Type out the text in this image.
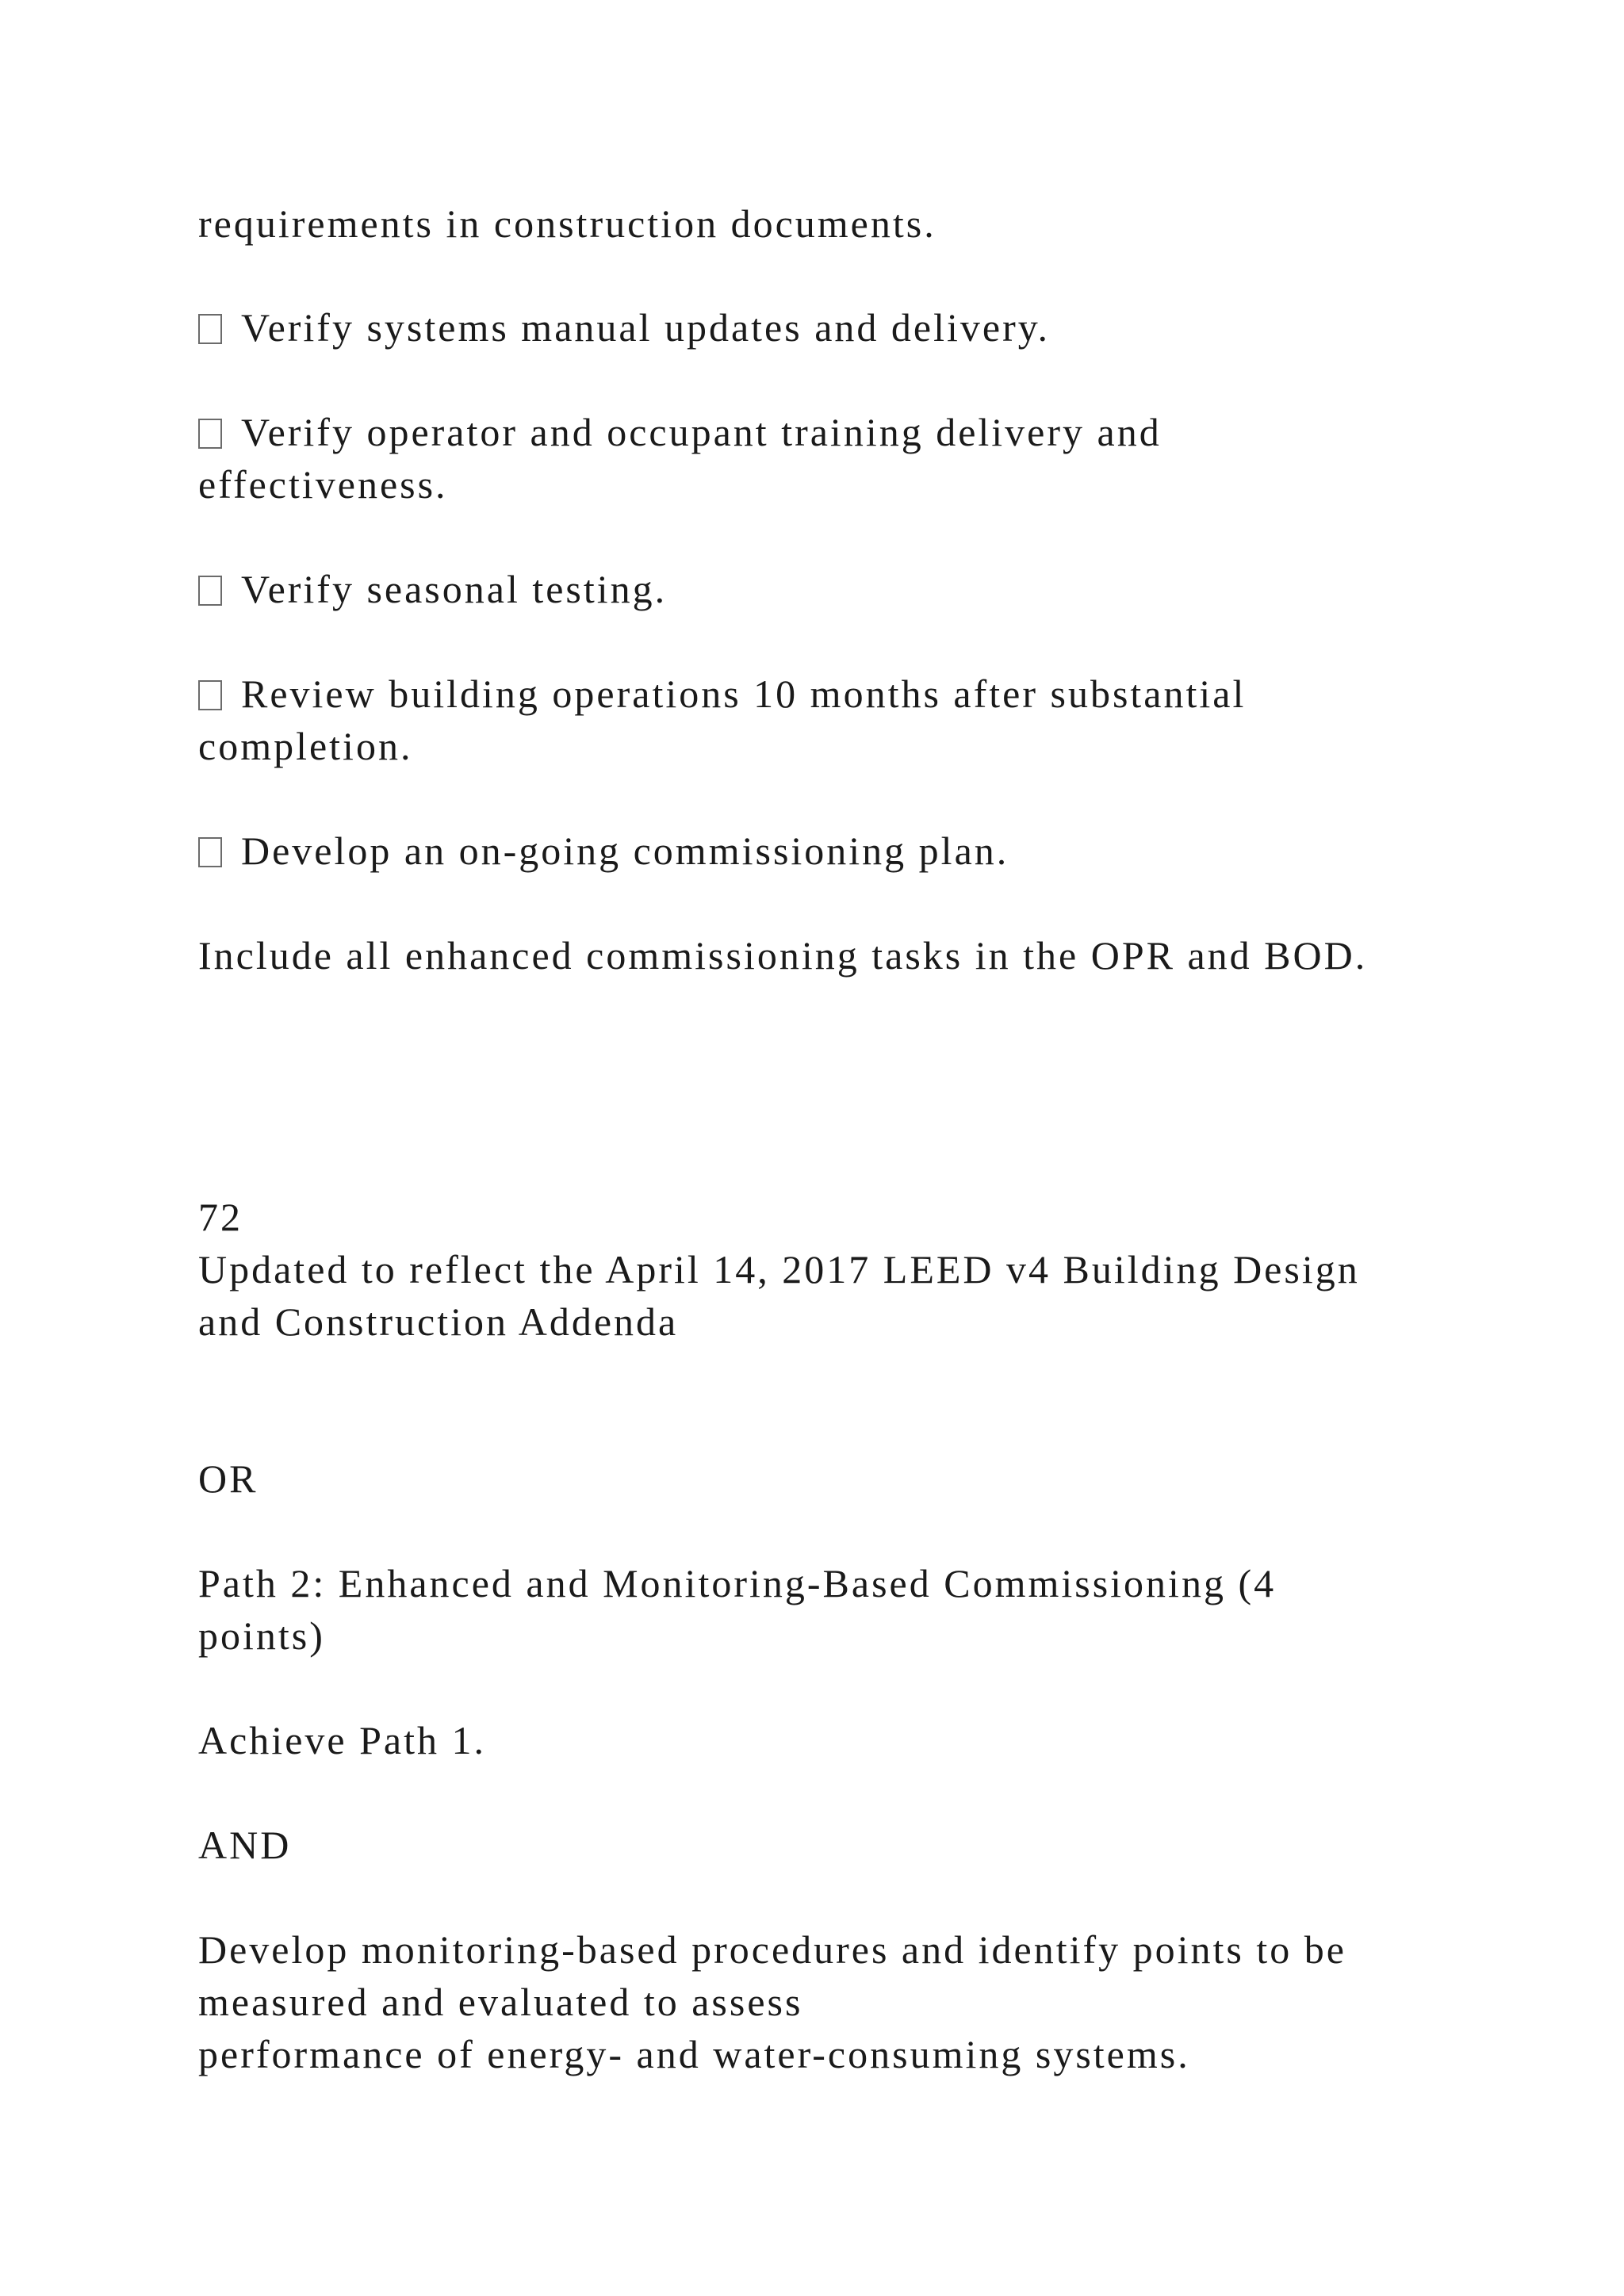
requirements in construction documents.
Verify systems manual updates and delivery.
Verify operator and occupant training delivery and
effectiveness.
Verify seasonal testing.
Review building operations 10 months after substantial
completion.
Develop an on-going commissioning plan.
Include all enhanced commissioning tasks in the OPR and BOD.
72
Updated to reflect the April 14, 2017 LEED v4 Building Design
and Construction Addenda
OR
Path 2: Enhanced and Monitoring-Based Commissioning (4
points)
Achieve Path 1.
AND
Develop monitoring-based procedures and identify points to be
measured and evaluated to assess
performance of energy- and water-consuming systems.
